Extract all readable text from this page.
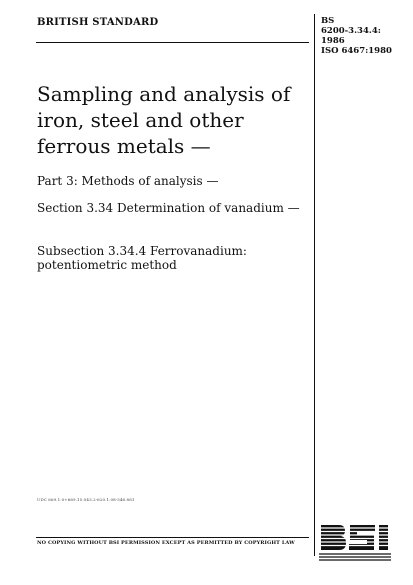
BRITISH STANDARD	BS
6200-3.34.4:
1986
ISO 6467:1980
Sampling and analysis of iron, steel and other ferrous metals —

Part 3: Methods of analysis —

Section 3.34 Determination of vanadium —

Subsection 3.34.4 Ferrovanadium: potentiometric method

UDC 669.1.0+669.15:543.2-620.1.08-546.881
NO COPYING WITHOUT BSI PERMISSION EXCEPT AS PERMITTED BY COPYRIGHT LAW
